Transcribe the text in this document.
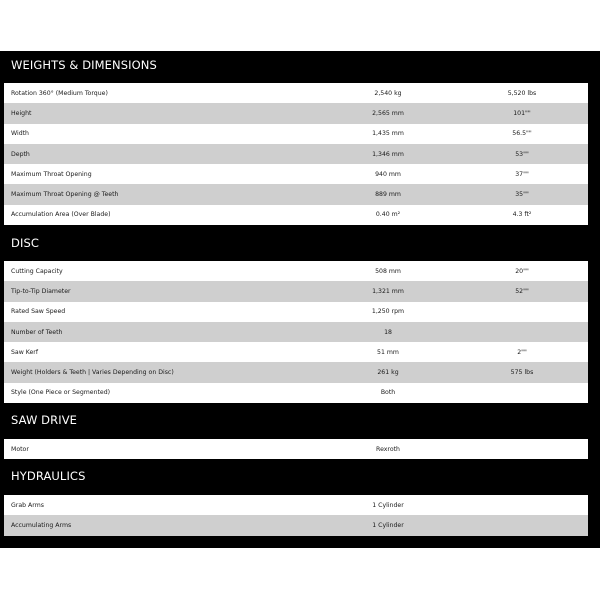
WEIGHTS & DIMENSIONS
Rotation 360° (Medium Torque)	2,540 kg	5,520 lbs
Height	2,565 mm	101""
Width	1,435 mm	56.5""
Depth	1,346 mm	53""
Maximum Throat Opening	940 mm	37""
Maximum Throat Opening @ Teeth	889 mm	35""
Accumulation Area (Over Blade)	0.40 m²	4.3 ft²
DISC
Cutting Capacity	508 mm	20""
Tip-to-Tip Diameter	1,321 mm	52""
Rated Saw Speed	1,250 rpm
Number of Teeth	18
Saw Kerf	51 mm	2""
Weight (Holders & Teeth | Varies Depending on Disc)	261 kg	575 lbs
Style (One Piece or Segmented)	Both
SAW DRIVE
Motor	Rexroth
HYDRAULICS
Grab Arms	1 Cylinder
Accumulating Arms	1 Cylinder
